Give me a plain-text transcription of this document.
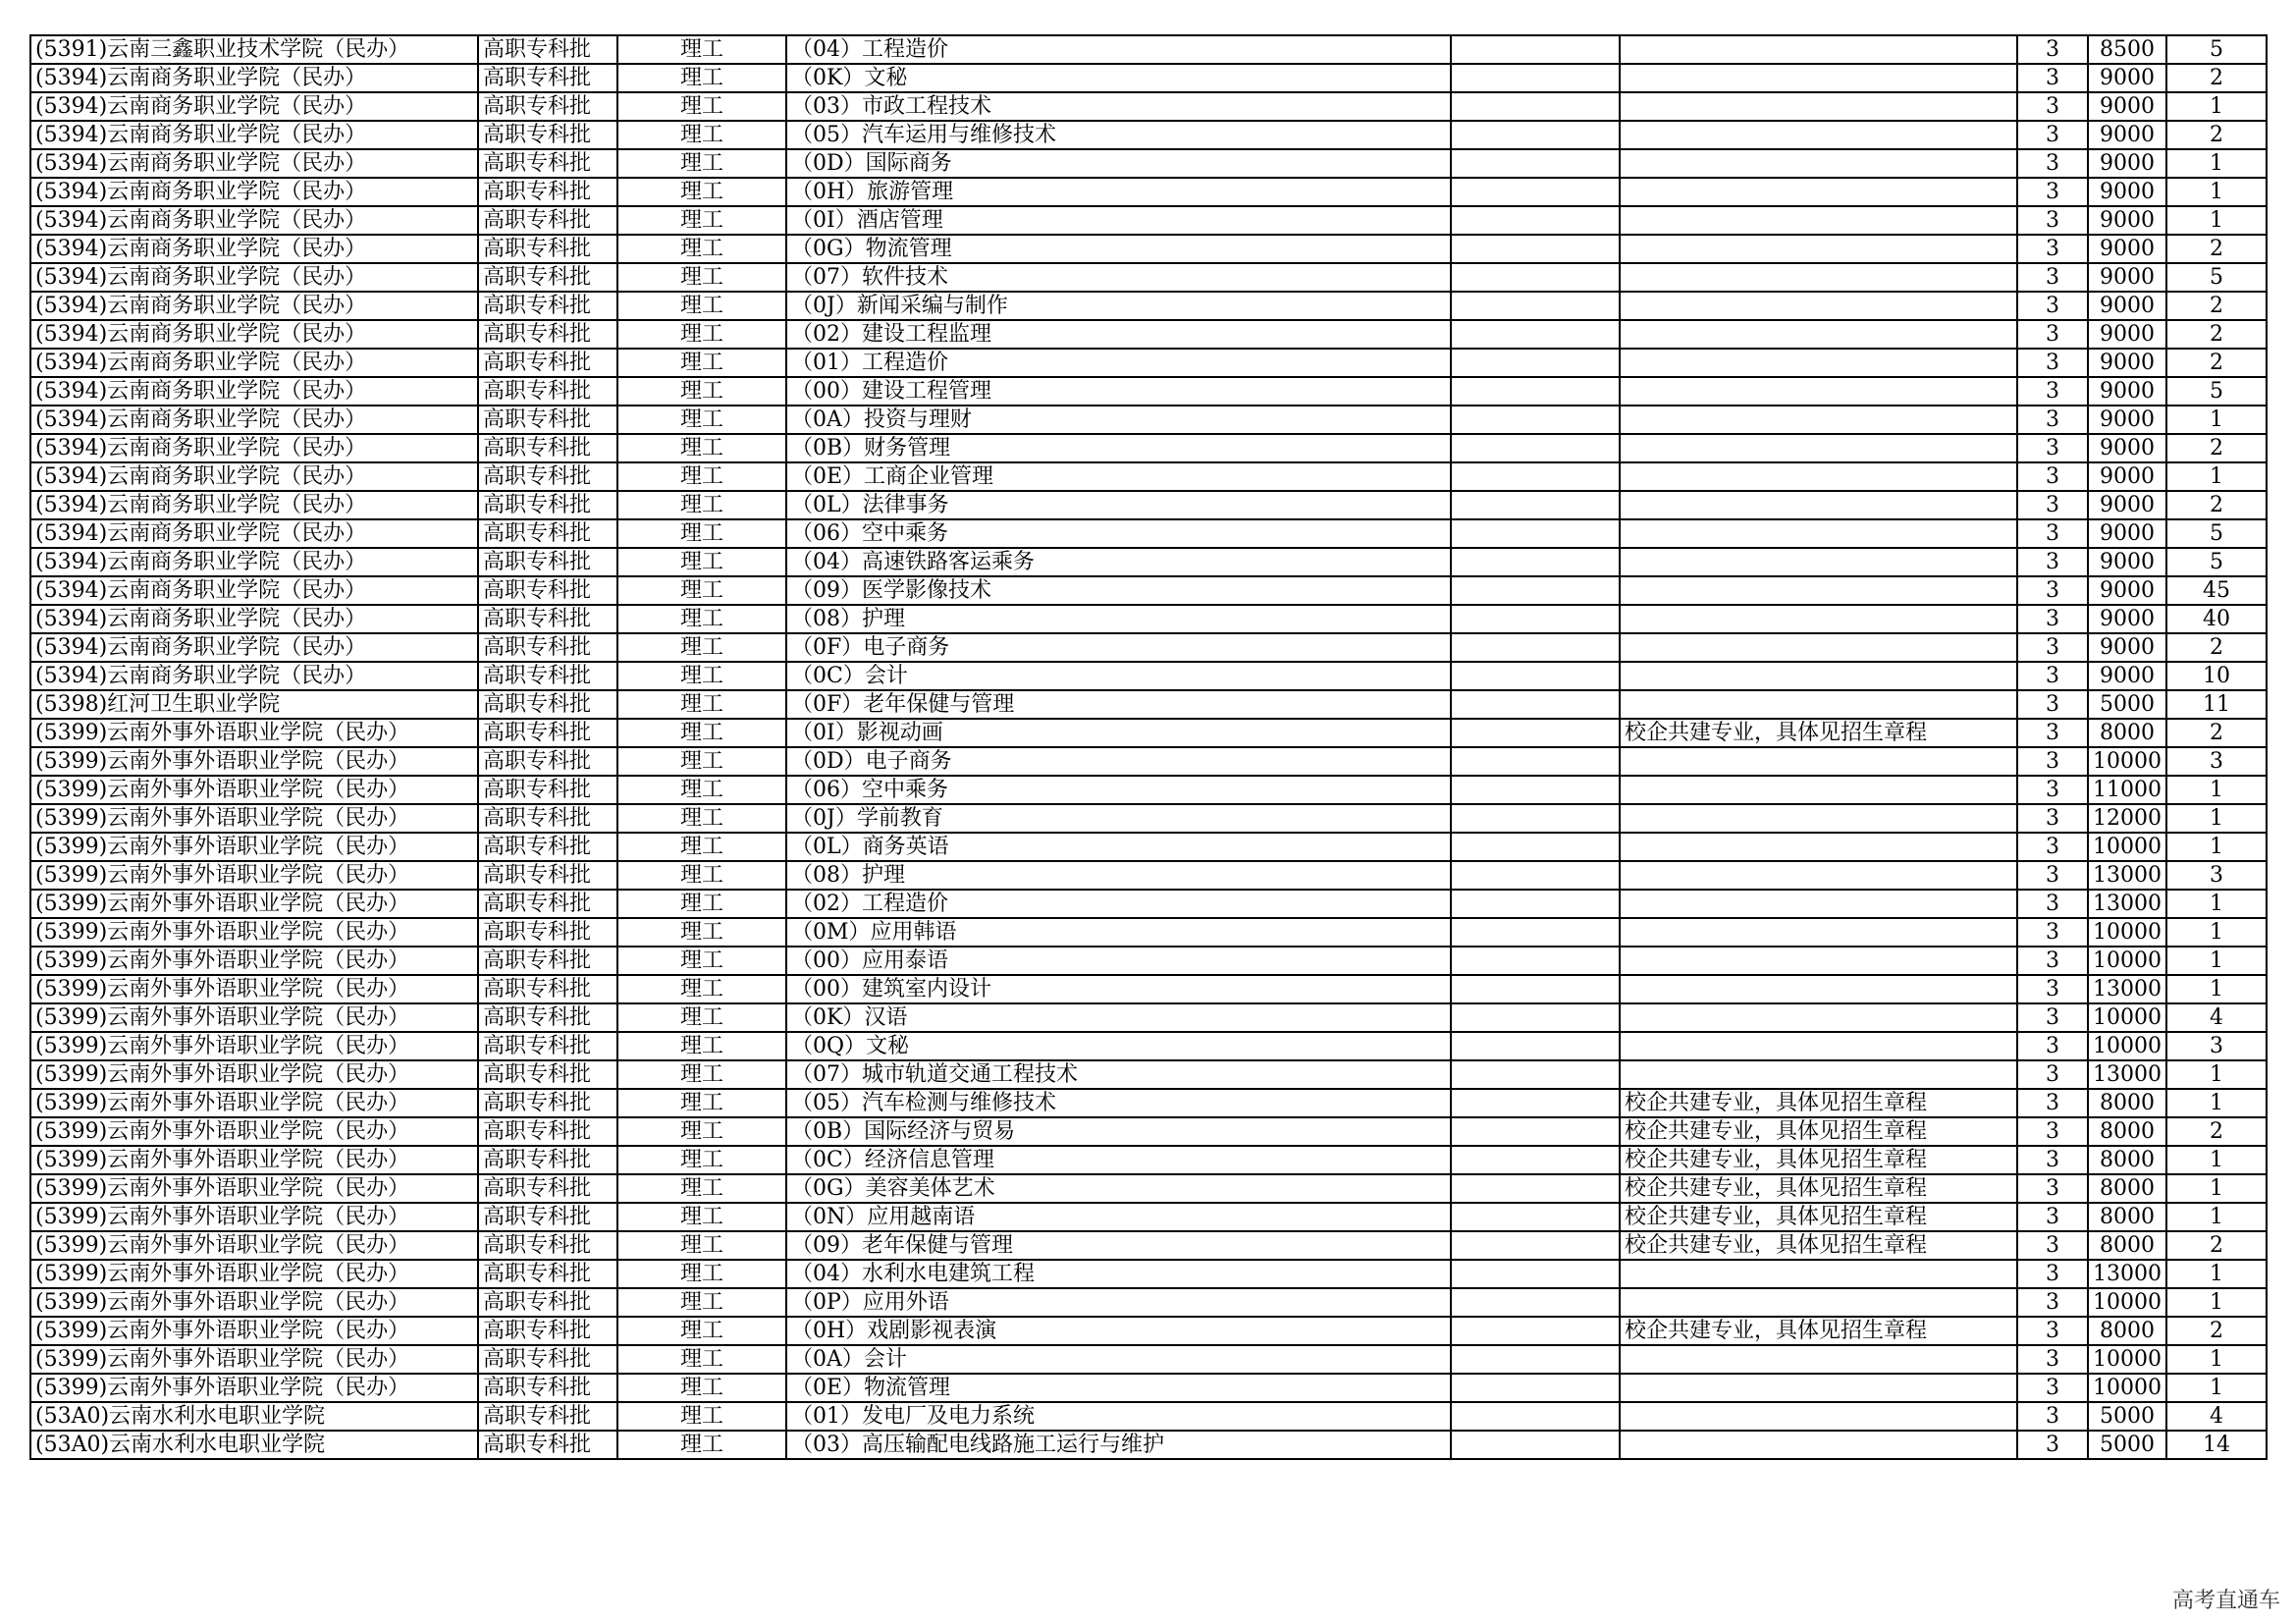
(5391)云南三鑫职业技术学院（民办）	高职专科批	理工	（04）工程造价			3	8500	5
(5394)云南商务职业学院（民办）	高职专科批	理工	（0K）文秘			3	9000	2
(5394)云南商务职业学院（民办）	高职专科批	理工	（03）市政工程技术			3	9000	1
(5394)云南商务职业学院（民办）	高职专科批	理工	（05）汽车运用与维修技术			3	9000	2
(5394)云南商务职业学院（民办）	高职专科批	理工	（0D）国际商务			3	9000	1
(5394)云南商务职业学院（民办）	高职专科批	理工	（0H）旅游管理			3	9000	1
(5394)云南商务职业学院（民办）	高职专科批	理工	（0I）酒店管理			3	9000	1
(5394)云南商务职业学院（民办）	高职专科批	理工	（0G）物流管理			3	9000	2
(5394)云南商务职业学院（民办）	高职专科批	理工	（07）软件技术			3	9000	5
(5394)云南商务职业学院（民办）	高职专科批	理工	（0J）新闻采编与制作			3	9000	2
(5394)云南商务职业学院（民办）	高职专科批	理工	（02）建设工程监理			3	9000	2
(5394)云南商务职业学院（民办）	高职专科批	理工	（01）工程造价			3	9000	2
(5394)云南商务职业学院（民办）	高职专科批	理工	（00）建设工程管理			3	9000	5
(5394)云南商务职业学院（民办）	高职专科批	理工	（0A）投资与理财			3	9000	1
(5394)云南商务职业学院（民办）	高职专科批	理工	（0B）财务管理			3	9000	2
(5394)云南商务职业学院（民办）	高职专科批	理工	（0E）工商企业管理			3	9000	1
(5394)云南商务职业学院（民办）	高职专科批	理工	（0L）法律事务			3	9000	2
(5394)云南商务职业学院（民办）	高职专科批	理工	（06）空中乘务			3	9000	5
(5394)云南商务职业学院（民办）	高职专科批	理工	（04）高速铁路客运乘务			3	9000	5
(5394)云南商务职业学院（民办）	高职专科批	理工	（09）医学影像技术			3	9000	45
(5394)云南商务职业学院（民办）	高职专科批	理工	（08）护理			3	9000	40
(5394)云南商务职业学院（民办）	高职专科批	理工	（0F）电子商务			3	9000	2
(5394)云南商务职业学院（民办）	高职专科批	理工	（0C）会计			3	9000	10
(5398)红河卫生职业学院	高职专科批	理工	（0F）老年保健与管理			3	5000	11
(5399)云南外事外语职业学院（民办）	高职专科批	理工	（0I）影视动画		校企共建专业，具体见招生章程	3	8000	2
(5399)云南外事外语职业学院（民办）	高职专科批	理工	（0D）电子商务			3	10000	3
(5399)云南外事外语职业学院（民办）	高职专科批	理工	（06）空中乘务			3	11000	1
(5399)云南外事外语职业学院（民办）	高职专科批	理工	（0J）学前教育			3	12000	1
(5399)云南外事外语职业学院（民办）	高职专科批	理工	（0L）商务英语			3	10000	1
(5399)云南外事外语职业学院（民办）	高职专科批	理工	（08）护理			3	13000	3
(5399)云南外事外语职业学院（民办）	高职专科批	理工	（02）工程造价			3	13000	1
(5399)云南外事外语职业学院（民办）	高职专科批	理工	（0M）应用韩语			3	10000	1
(5399)云南外事外语职业学院（民办）	高职专科批	理工	（00）应用泰语			3	10000	1
(5399)云南外事外语职业学院（民办）	高职专科批	理工	（00）建筑室内设计			3	13000	1
(5399)云南外事外语职业学院（民办）	高职专科批	理工	（0K）汉语			3	10000	4
(5399)云南外事外语职业学院（民办）	高职专科批	理工	（0Q）文秘			3	10000	3
(5399)云南外事外语职业学院（民办）	高职专科批	理工	（07）城市轨道交通工程技术			3	13000	1
(5399)云南外事外语职业学院（民办）	高职专科批	理工	（05）汽车检测与维修技术		校企共建专业，具体见招生章程	3	8000	1
(5399)云南外事外语职业学院（民办）	高职专科批	理工	（0B）国际经济与贸易		校企共建专业，具体见招生章程	3	8000	2
(5399)云南外事外语职业学院（民办）	高职专科批	理工	（0C）经济信息管理		校企共建专业，具体见招生章程	3	8000	1
(5399)云南外事外语职业学院（民办）	高职专科批	理工	（0G）美容美体艺术		校企共建专业，具体见招生章程	3	8000	1
(5399)云南外事外语职业学院（民办）	高职专科批	理工	（0N）应用越南语		校企共建专业，具体见招生章程	3	8000	1
(5399)云南外事外语职业学院（民办）	高职专科批	理工	（09）老年保健与管理		校企共建专业，具体见招生章程	3	8000	2
(5399)云南外事外语职业学院（民办）	高职专科批	理工	（04）水利水电建筑工程			3	13000	1
(5399)云南外事外语职业学院（民办）	高职专科批	理工	（0P）应用外语			3	10000	1
(5399)云南外事外语职业学院（民办）	高职专科批	理工	（0H）戏剧影视表演		校企共建专业，具体见招生章程	3	8000	2
(5399)云南外事外语职业学院（民办）	高职专科批	理工	（0A）会计			3	10000	1
(5399)云南外事外语职业学院（民办）	高职专科批	理工	（0E）物流管理			3	10000	1
(53A0)云南水利水电职业学院	高职专科批	理工	（01）发电厂及电力系统			3	5000	4
(53A0)云南水利水电职业学院	高职专科批	理工	（03）高压输配电线路施工运行与维护			3	5000	14
高考直通车
